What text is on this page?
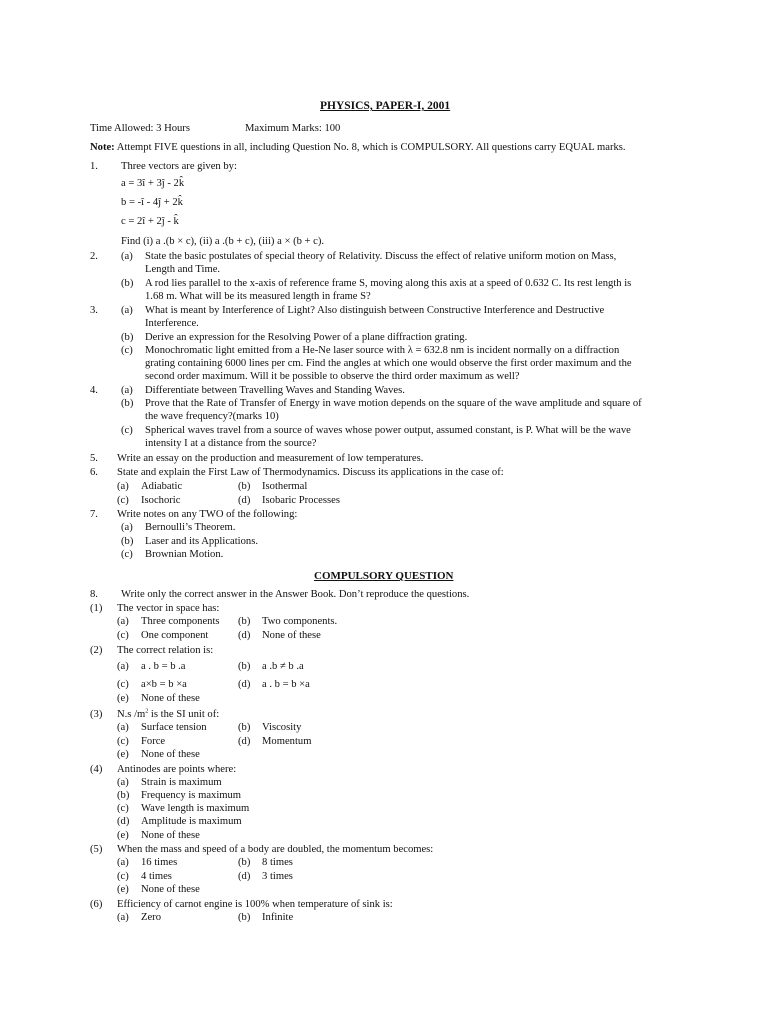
PHYSICS, PAPER-I, 2001
Time Allowed: 3 Hours	Maximum Marks: 100
Note: Attempt FIVE questions in all, including Question No. 8, which is COMPULSORY. All questions carry EQUAL marks.
1. Three vectors are given by:
a = 3î + 3ĵ - 2k̂
b = -î - 4ĵ + 2k̂
c = 2î + 2ĵ - k̂
Find (i) a .(b × c), (ii) a .(b + c), (iii) a × (b + c).
2. (a) State the basic postulates of special theory of Relativity. Discuss the effect of relative uniform motion on Mass,
Length and Time.
(b) A rod lies parallel to the x-axis of reference frame S, moving along this axis at a speed of 0.632 C. Its rest length is
1.68 m. What will be its measured length in frame S?
3. (a) What is meant by Interference of Light? Also distinguish between Constructive Interference and Destructive
Interference.
(b) Derive an expression for the Resolving Power of a plane diffraction grating.
(c) Monochromatic light emitted from a He-Ne laser source with λ = 632.8 nm is incident normally on a diffraction
grating containing 6000 lines per cm. Find the angles at which one would observe the first order maximum and the
second order maximum. Will it be possible to observe the third order maximum as well?
4. (a) Differentiate between Travelling Waves and Standing Waves.
(b) Prove that the Rate of Transfer of Energy in wave motion depends on the square of the wave amplitude and square of
the wave frequency?(marks 10)
(c) Spherical waves travel from a source of waves whose power output, assumed constant, is P. What will be the wave
intensity I at a distance from the source?
5. Write an essay on the production and measurement of low temperatures.
6. State and explain the First Law of Thermodynamics. Discuss its applications in the case of:
(a) Adiabatic	(b) Isothermal
(c) Isochoric	(d) Isobaric Processes
7. Write notes on any TWO of the following:
(a) Bernoulli’s Theorem.
(b) Laser and its Applications.
(c) Brownian Motion.
COMPULSORY QUESTION
8. Write only the correct answer in the Answer Book. Don’t reproduce the questions.
(1) The vector in space has:
(a) Three components (b) Two components.
(c) One component	(d) None of these
(2) The correct relation is:
(a) a . b = b .a	(b) a .b ≠ b .a
(c) a×b = b ×a	(d) a . b = b ×a
(e) None of these
(3) N.s $/m^2$ is the SI unit of:
(a) Surface tension	(b) Viscosity
(c) Force	(d) Momentum
(e) None of these
(4) Antinodes are points where:
(a) Strain is maximum
(b) Frequency is maximum
(c) Wave length is maximum
(d) Amplitude is maximum
(e) None of these
(5) When the mass and speed of a body are doubled, the momentum becomes:
(a) 16 times	(b) 8 times
(c) 4 times	(d) 3 times
(e) None of these
(6) Efficiency of carnot engine is 100% when temperature of sink is:
(a) Zero	(b) Infinite
